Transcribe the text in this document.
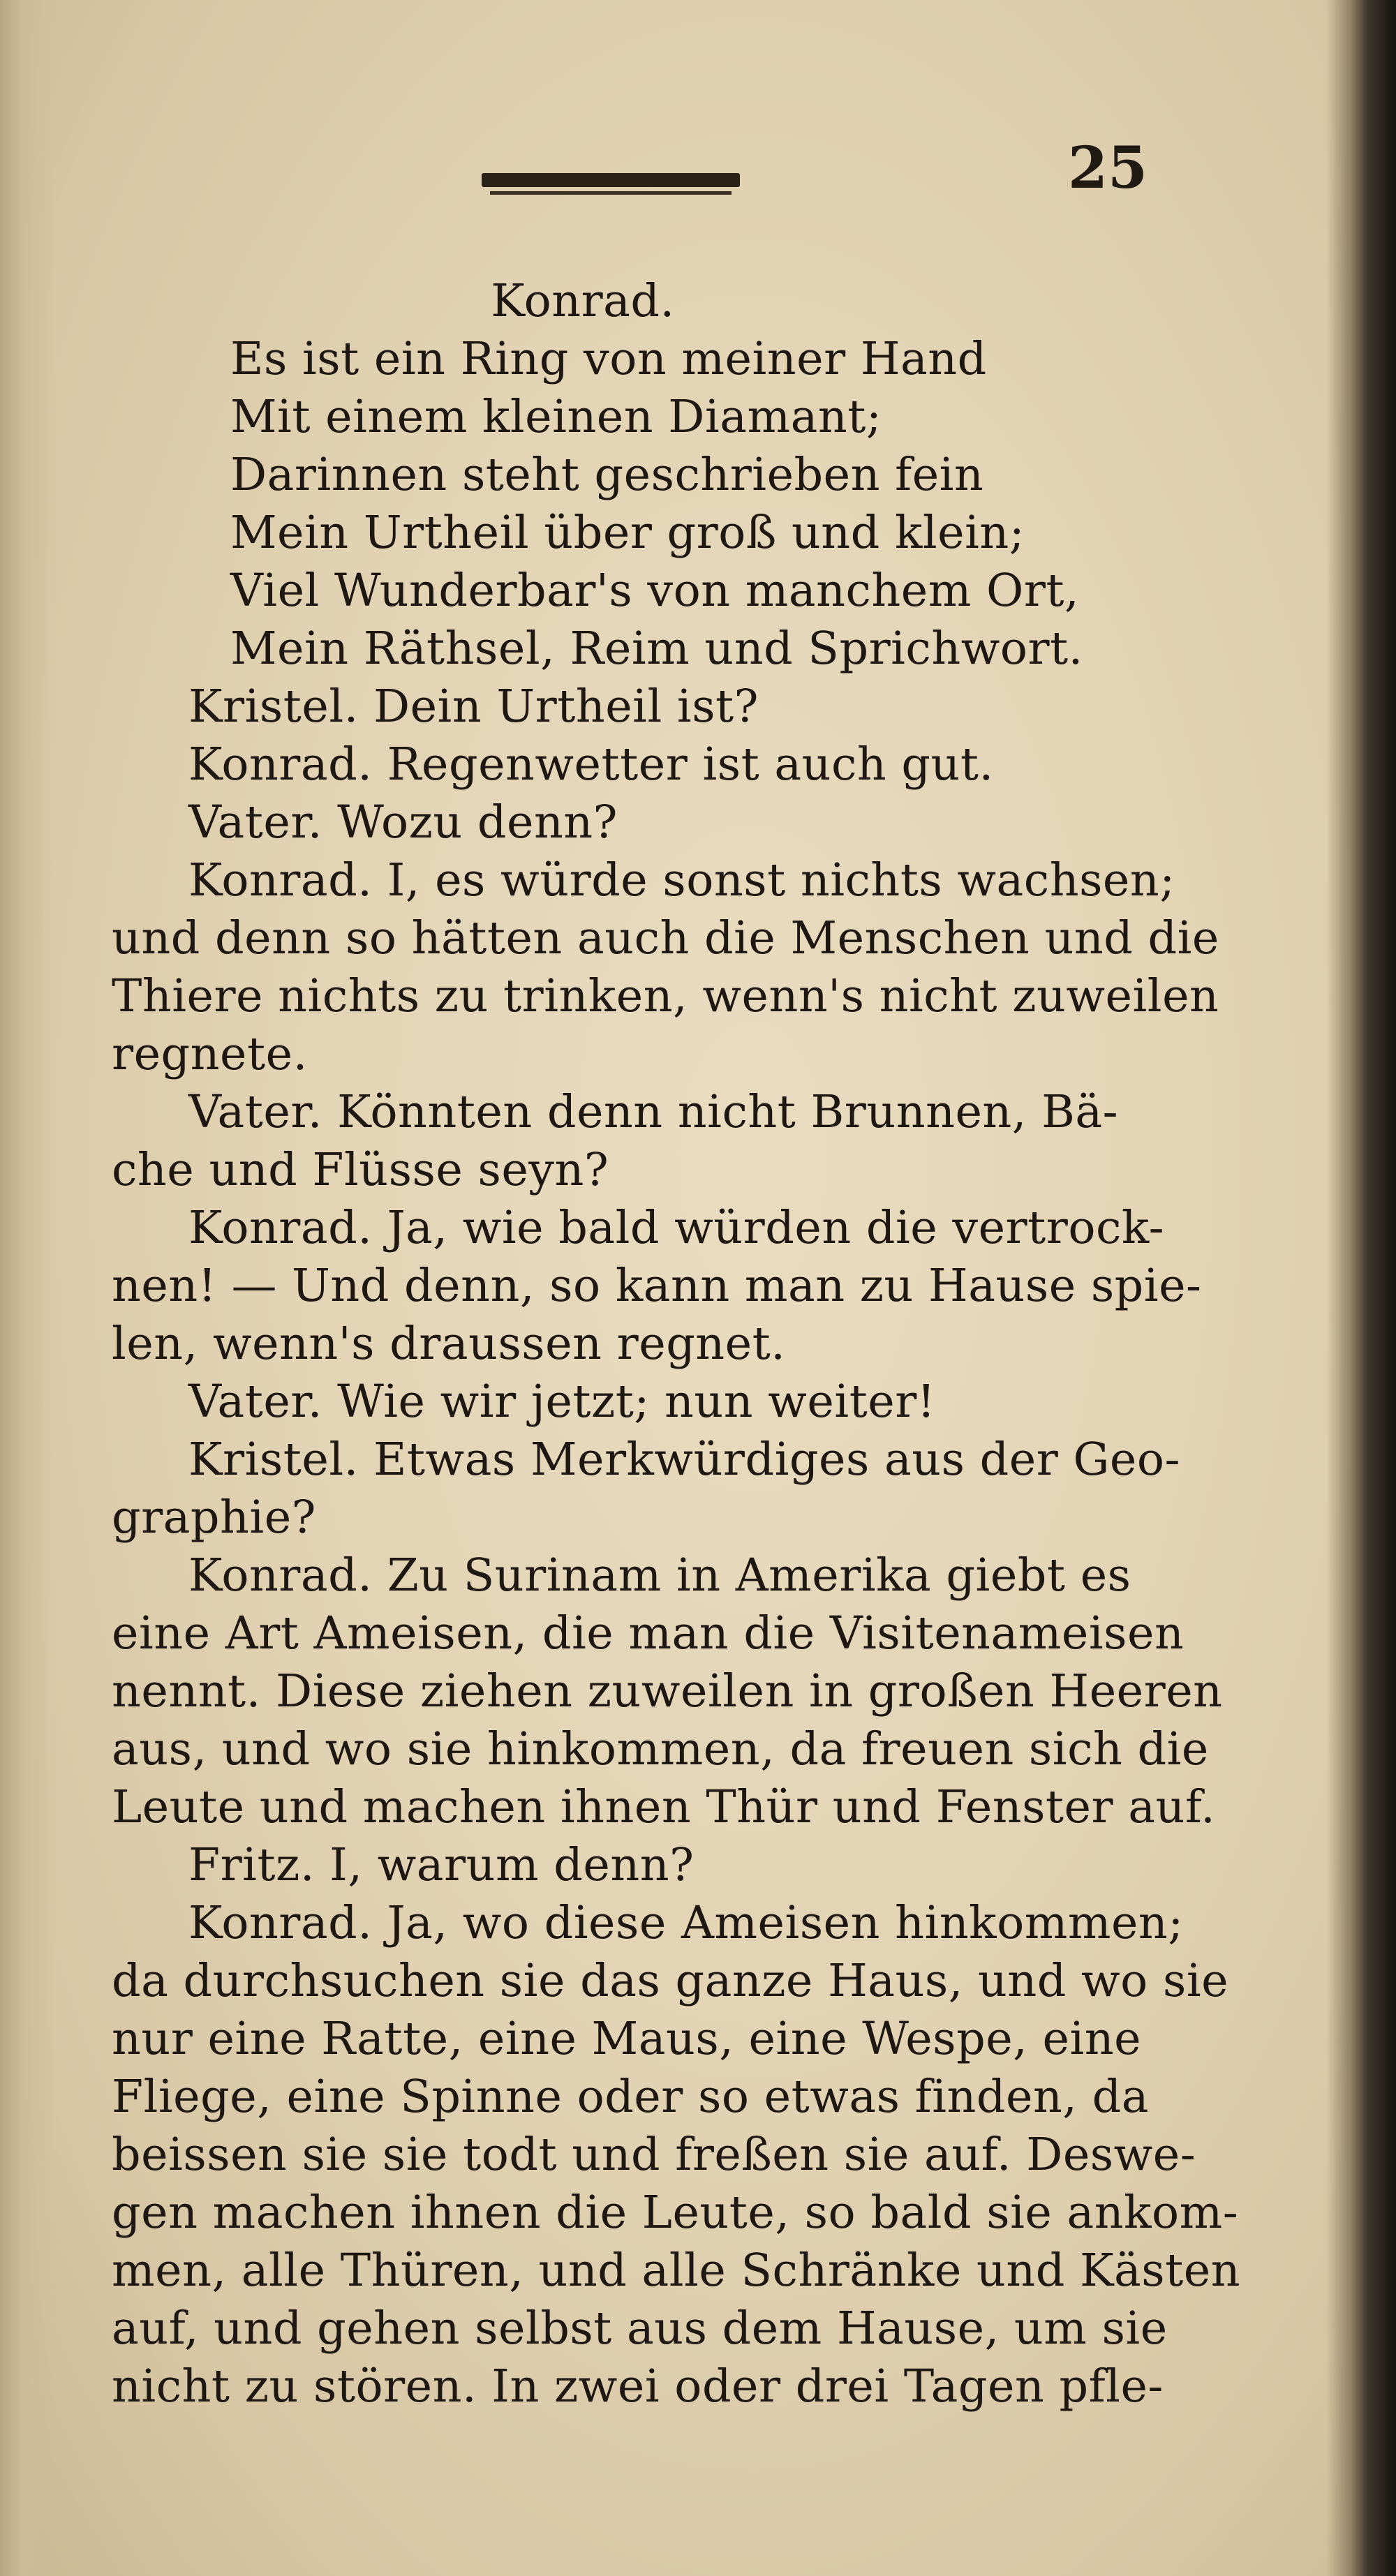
25
Konrad.
Es ist ein Ring von meiner Hand
Mit einem kleinen Diamant;
Darinnen steht geschrieben fein
Mein Urtheil über groß und klein;
Viel Wunderbar's von manchem Ort,
Mein Räthsel, Reim und Sprichwort.
Kristel. Dein Urtheil ist?
Konrad. Regenwetter ist auch gut.
Vater. Wozu denn?
Konrad. I, es würde sonst nichts wachsen;
und denn so hätten auch die Menschen und die
Thiere nichts zu trinken, wenn's nicht zuweilen
regnete.
Vater. Könnten denn nicht Brunnen, Bä-
che und Flüsse seyn?
Konrad. Ja, wie bald würden die vertrock-
nen! — Und denn, so kann man zu Hause spie-
len, wenn's draussen regnet.
Vater. Wie wir jetzt; nun weiter!
Kristel. Etwas Merkwürdiges aus der Geo-
graphie?
Konrad. Zu Surinam in Amerika giebt es
eine Art Ameisen, die man die Visitenameisen
nennt. Diese ziehen zuweilen in großen Heeren
aus, und wo sie hinkommen, da freuen sich die
Leute und machen ihnen Thür und Fenster auf.
Fritz. I, warum denn?
Konrad. Ja, wo diese Ameisen hinkommen;
da durchsuchen sie das ganze Haus, und wo sie
nur eine Ratte, eine Maus, eine Wespe, eine
Fliege, eine Spinne oder so etwas finden, da
beissen sie sie todt und freßen sie auf. Deswe-
gen machen ihnen die Leute, so bald sie ankom-
men, alle Thüren, und alle Schränke und Kästen
auf, und gehen selbst aus dem Hause, um sie
nicht zu stören. In zwei oder drei Tagen pfle-
